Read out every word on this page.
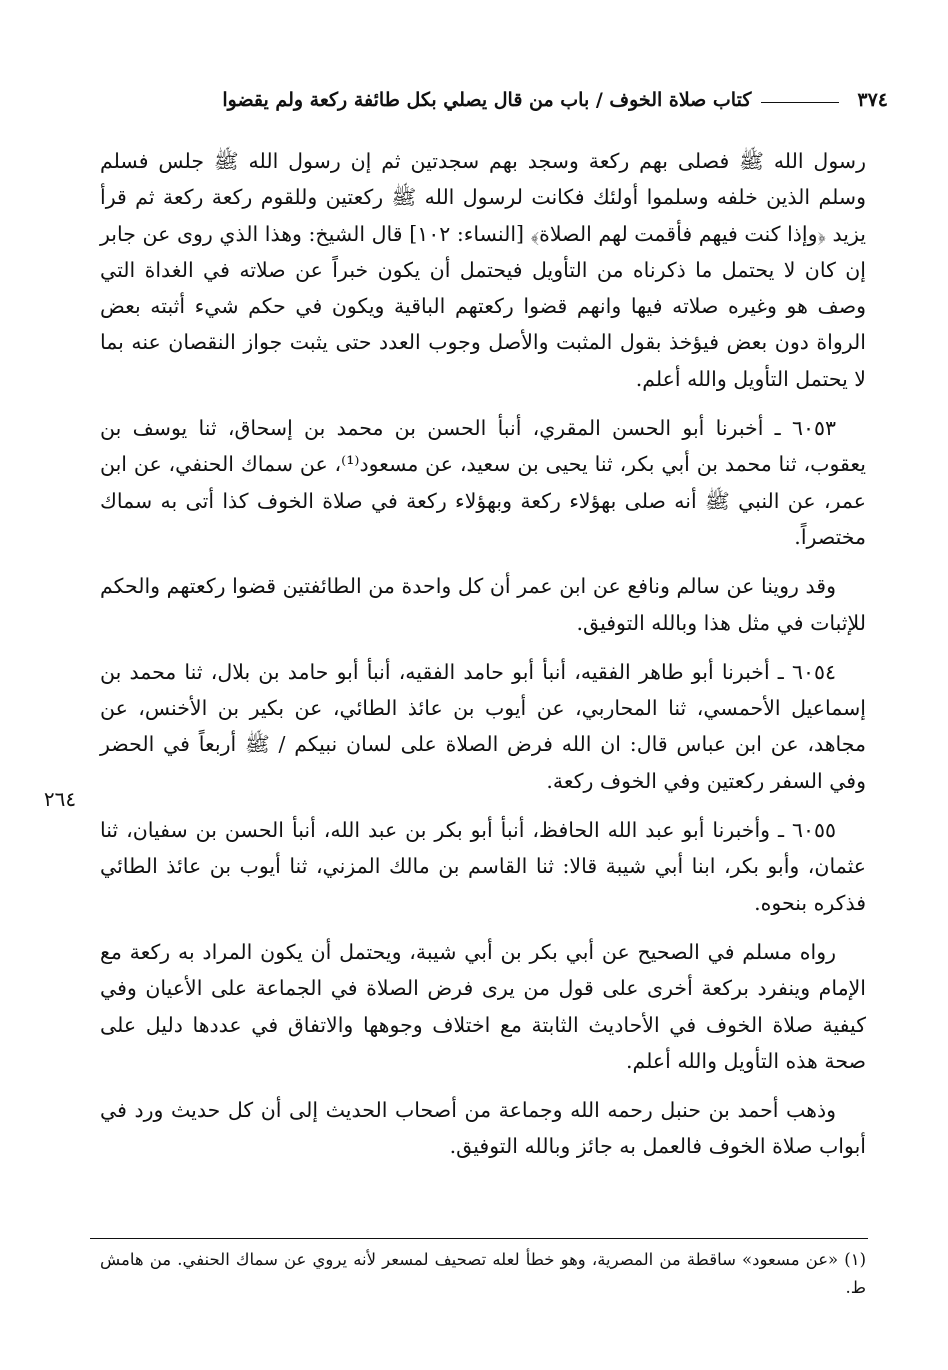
٣٧٤
كتاب صلاة الخوف / باب من قال يصلي بكل طائفة ركعة ولم يقضوا

رسول الله ﷺ فصلى بهم ركعة وسجد بهم سجدتين ثم إن رسول الله ﷺ جلس فسلم وسلم الذين خلفه وسلموا أولئك فكانت لرسول الله ﷺ ركعتين وللقوم ركعة ركعة ثم قرأ يزيد ﴿وإذا كنت فيهم فأقمت لهم الصلاة﴾ [النساء: ١٠٢] قال الشيخ: وهذا الذي روى عن جابر إن كان لا يحتمل ما ذكرناه من التأويل فيحتمل أن يكون خبراً عن صلاته في الغداة التي وصف هو وغيره صلاته فيها وانهم قضوا ركعتهم الباقية ويكون في حكم شيء أثبته بعض الرواة دون بعض فيؤخذ بقول المثبت والأصل وجوب العدد حتى يثبت جواز النقصان عنه بما لا يحتمل التأويل والله أعلم.

٦٠٥٣ ـ أخبرنا أبو الحسن المقري، أنبأ الحسن بن محمد بن إسحاق، ثنا يوسف بن يعقوب، ثنا محمد بن أبي بكر، ثنا يحيى بن سعيد، عن مسعود⁽¹⁾، عن سماك الحنفي، عن ابن عمر، عن النبي ﷺ أنه صلى بهؤلاء ركعة وبهؤلاء ركعة في صلاة الخوف كذا أتى به سماك مختصراً.

وقد روينا عن سالم ونافع عن ابن عمر أن كل واحدة من الطائفتين قضوا ركعتهم والحكم للإثبات في مثل هذا وبالله التوفيق.

٦٠٥٤ ـ أخبرنا أبو طاهر الفقيه، أنبأ أبو حامد الفقيه، أنبأ أبو حامد بن بلال، ثنا محمد بن إسماعيل الأحمسي، ثنا المحاربي، عن أيوب بن عائذ الطائي، عن بكير بن الأخنس، عن مجاهد، عن ابن عباس قال: ان الله فرض الصلاة على لسان نبيكم / ﷺ أربعاً في الحضر وفي السفر ركعتين وفي الخوف ركعة.

٦٠٥٥ ـ وأخبرنا أبو عبد الله الحافظ، أنبأ أبو بكر بن عبد الله، أنبأ الحسن بن سفيان، ثنا عثمان، وأبو بكر، ابنا أبي شيبة قالا: ثنا القاسم بن مالك المزني، ثنا أيوب بن عائذ الطائي فذكره بنحوه.

رواه مسلم في الصحيح عن أبي بكر بن أبي شيبة، ويحتمل أن يكون المراد به ركعة مع الإمام وينفرد بركعة أخرى على قول من يرى فرض الصلاة في الجماعة على الأعيان وفي كيفية صلاة الخوف في الأحاديث الثابتة مع اختلاف وجوهها والاتفاق في عددها دليل على صحة هذه التأويل والله أعلم.

وذهب أحمد بن حنبل رحمه الله وجماعة من أصحاب الحديث إلى أن كل حديث ورد في أبواب صلاة الخوف فالعمل به جائز وبالله التوفيق.

٢٦٤
(١) «عن مسعود» ساقطة من المصرية، وهو خطأ لعله تصحيف لمسعر لأنه يروي عن سماك الحنفي. من هامش ط.
